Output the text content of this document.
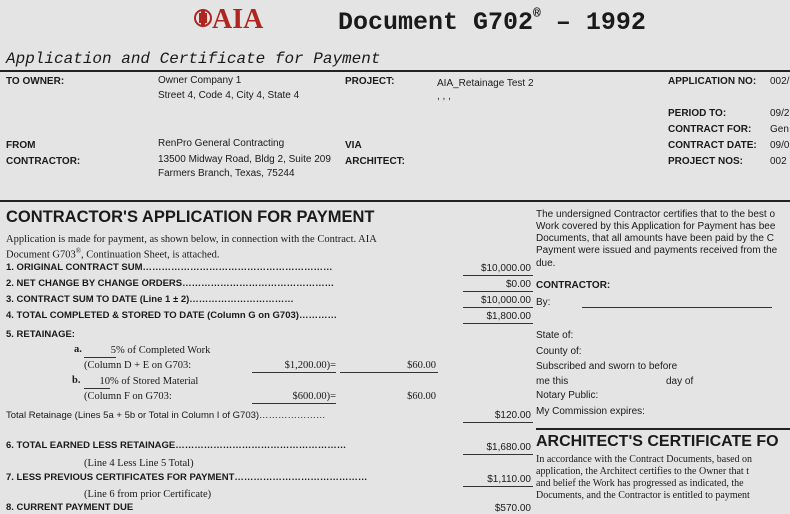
AIA	Document G702® – 1992
Application and Certificate for Payment
TO OWNER:	Owner Company 1
Street 4, Code 4, City 4, State 4
PROJECT:	AIA_Retainage Test 2
, , ,
APPLICATION NO: 002/
PERIOD TO:	09/2
CONTRACT FOR: Gen
CONTRACT DATE: 09/0
PROJECT NOS:	002
FROM
CONTRACTOR:
RenPro General Contracting
13500 Midway Road, Bldg 2, Suite 209
Farmers Branch, Texas, 75244
VIA
ARCHITECT:
CONTRACTOR'S APPLICATION FOR PAYMENT
Application is made for payment, as shown below, in connection with the Contract. AIA
Document G703®, Continuation Sheet, is attached.
1. ORIGINAL CONTRACT SUM……………………………………………………	$10,000.00
2. NET CHANGE BY CHANGE ORDERS…………………………………………	$0.00
3. CONTRACT SUM TO DATE (Line 1 ± 2)……………………………	$10,000.00
4. TOTAL COMPLETED & STORED TO DATE (Column G on G703)…………	$1,800.00
5. RETAINAGE:
a.	5 % of Completed Work
(Column D + E on G703:	$1,200.00)=	$60.00
b.	10 % of Stored Material
(Column F on G703:	$600.00)=	$60.00
Total Retainage (Lines 5a + 5b or Total in Column I of G703)…………………	$120.00
6. TOTAL EARNED LESS RETAINAGE………………………………………………	$1,680.00
(Line 4 Less Line 5 Total)
7. LESS PREVIOUS CERTIFICATES FOR PAYMENT……………………………………	$1,110.00
(Line 6 from prior Certificate)
8. CURRENT PAYMENT DUE	$570.00
The undersigned Contractor certifies that to the best o
Work covered by this Application for Payment has bee
Documents, that all amounts have been paid by the C
Payment were issued and payments received from the
due.
CONTRACTOR:
By:
State of:
County of:
Subscribed and sworn to before
me this	day of
Notary Public:
My Commission expires:
ARCHITECT'S CERTIFICATE FO
In accordance with the Contract Documents, based on
application, the Architect certifies to the Owner that t
and belief the Work has progressed as indicated, the
Documents, and the Contractor is entitled to payment
